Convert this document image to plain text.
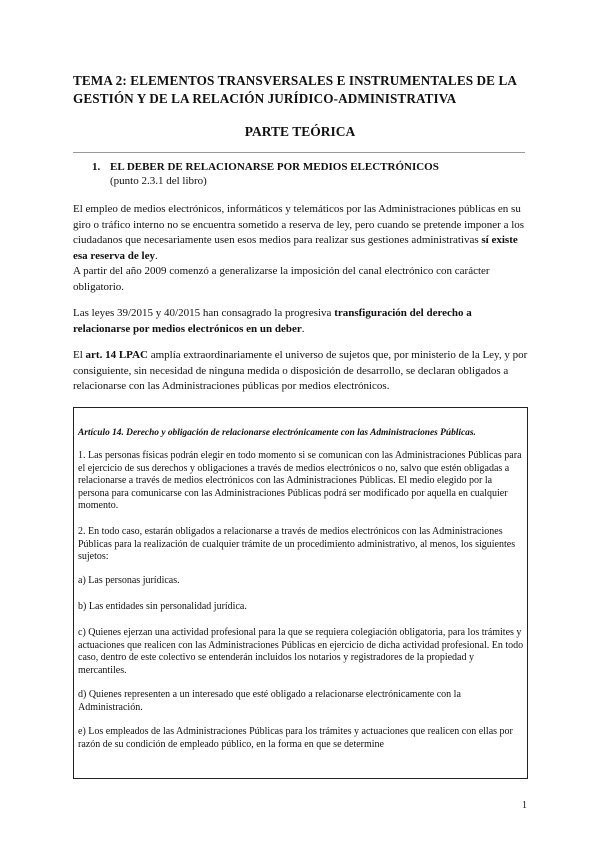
TEMA 2: ELEMENTOS TRANSVERSALES E INSTRUMENTALES DE LA GESTIÓN Y DE LA RELACIÓN JURÍDICO-ADMINISTRATIVA
PARTE TEÓRICA
1. EL DEBER DE RELACIONARSE POR MEDIOS ELECTRÓNICOS
(punto 2.3.1 del libro)
El empleo de medios electrónicos, informáticos y telemáticos por las Administraciones públicas en su giro o tráfico interno no se encuentra sometido a reserva de ley, pero cuando se pretende imponer a los ciudadanos que necesariamente usen esos medios para realizar sus gestiones administrativas sí existe esa reserva de ley.
A partir del año 2009 comenzó a generalizarse la imposición del canal electrónico con carácter obligatorio.
Las leyes 39/2015 y 40/2015 han consagrado la progresiva transfiguración del derecho a relacionarse por medios electrónicos en un deber.
El art. 14 LPAC amplía extraordinariamente el universo de sujetos que, por ministerio de la Ley, y por consiguiente, sin necesidad de ninguna medida o disposición de desarrollo, se declaran obligados a relacionarse con las Administraciones públicas por medios electrónicos.
Artículo 14. Derecho y obligación de relacionarse electrónicamente con las Administraciones Públicas.
1. Las personas físicas podrán elegir en todo momento si se comunican con las Administraciones Públicas para el ejercicio de sus derechos y obligaciones a través de medios electrónicos o no, salvo que estén obligadas a relacionarse a través de medios electrónicos con las Administraciones Públicas. El medio elegido por la persona para comunicarse con las Administraciones Públicas podrá ser modificado por aquella en cualquier momento.
2. En todo caso, estarán obligados a relacionarse a través de medios electrónicos con las Administraciones Públicas para la realización de cualquier trámite de un procedimiento administrativo, al menos, los siguientes sujetos:
a) Las personas jurídicas.
b) Las entidades sin personalidad jurídica.
c) Quienes ejerzan una actividad profesional para la que se requiera colegiación obligatoria, para los trámites y actuaciones que realicen con las Administraciones Públicas en ejercicio de dicha actividad profesional. En todo caso, dentro de este colectivo se entenderán incluidos los notarios y registradores de la propiedad y mercantiles.
d) Quienes representen a un interesado que esté obligado a relacionarse electrónicamente con la Administración.
e) Los empleados de las Administraciones Públicas para los trámites y actuaciones que realicen con ellas por razón de su condición de empleado público, en la forma en que se determine
1
